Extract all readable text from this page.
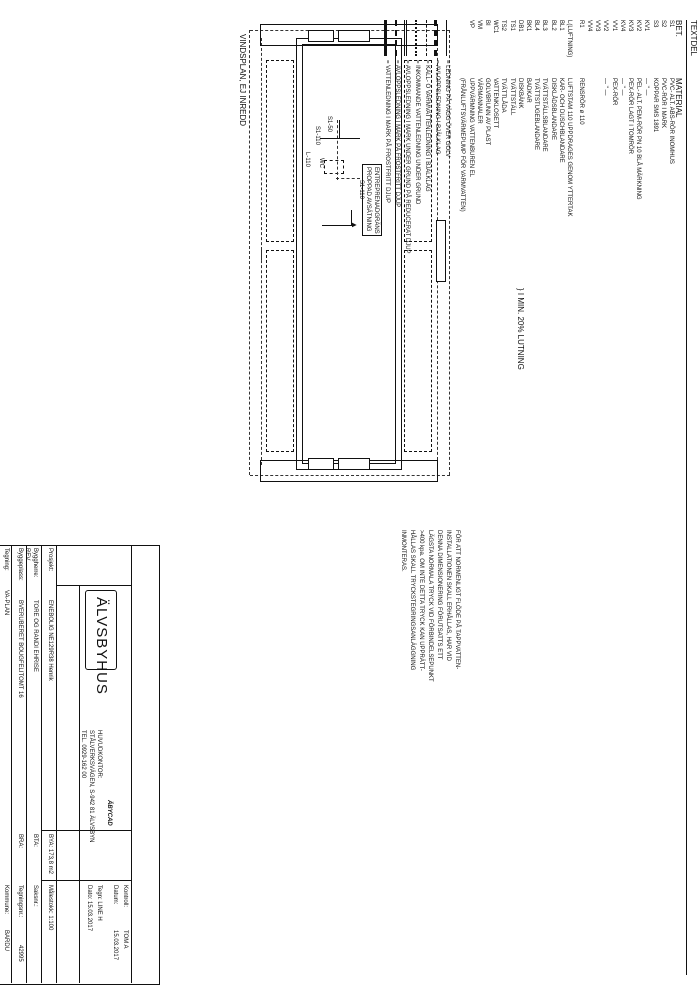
VINDSPLAN, EJ INREDD
WC
S1-50
S1-110
S1-110
L-110
▲ ENTREPRENADGRÄNS
PROPPAD AVSÄTNING
TEXTDEL
BET.
MATERIAL
S1
PVC- ALT. ABS-RÖR INOMHUS
S2
PVC-RÖR I MARK
S3
KOPPAR SMS 1891
KV1
— " —
KV2
PEL- ALT. PEM-RÖR PN 10 BLÅ MÄRKNING
KV3
PEX-RÖR LAGT I TOMRÖR
KV4
— " —
VV1
PEX-RÖR
VV2
— " —
VV3
VV4
R1
RENSRÖR ø 110
L(LUFTNING)
LUFTSTAM 110 UPPDRAGES GENOM YTTERTAK
BL1
KAR- OCH DUSCHBLANDARE
BL2
DISKLÅDSBLANDARE
BL3
TVÄTTSTÄLLSBLANDARE
BL4
TVÄTTSTUGEBLANDARE
BK1
BADKAR
DB1
DISKBÄNK
TS1
TVÄTTSTÄLL
TS2
TVÄTTLÅDA
WC1
VATTENKLOSETT
BI
GOLVBRUNN AV PLAST
VM
VÄRMANNALER
VP
UPPVÄRMNING VATTENBUREN EL
(FRÅNLUFTSVÄRMEPUMP FÖR VARMVATTEN)
= LEDNING PÅ VÄGG ÖVER GOLV
= AVLOPPSLEDNING I BJÄLKLAG
= KALL- O VARMVATTENLEDNING I BJÄLKLAG
= INKOMMANDE VATTENLEDNING UNDER GRUND
= AVLOPPSLEDNING I MARK UNDER GRUND PÅ REDUCERAT DJUP
= AVLOPPSLEDNING I MARK PÅ FROSTFRITT DJUP
= VATTENLEDNING I MARK PÅ FROSTFRITT DJUP
} I MIN. 20% LUTNING
FÖR ATT NORMENLIGT FLÖDE PÅ TAPPVATTEN-
INSTALLATIONEN SKALL ERHÅLLAS, HAR VID
DENNA DIMENSIONERING FÖRUTSATTS ETT
LÄGSTA NORMALA TRYCK VID FÖRBINDELSEPUNKT
>400 kpa. OM INTE DETTA TRYCK KAN UPPRÄTT-
HÅLLAS SKALL TRYCKSTEGRINGSANLÄGGNING
INMONTERAS.
REV.
ÄLVSBYHUS
HUVUDKONTOR:
STÅLVERKSVÄGEN, S-942 81 ÄLVSBYN
TEL. 0929-162 00
ÄBYCAD
Kontroll:
TOM A
Datum:
15.03.2017
Tegn: LINE H
Dato: 15.03.2017
Prosjekt:
ENEBOLIG NE129R38 Henrik
BYA: 173,8 m2
Målestokk: 1:100
Byggherre:
TORE OG RANDI EHRISE
BTA:
Saksnr.:
Byggeplass:
BVERUBERET BOUGFELITOMT 16
BRA:
Tegningsnr.:
42995
Tegning:
VA-PLAN
Kommune:
BARDU
